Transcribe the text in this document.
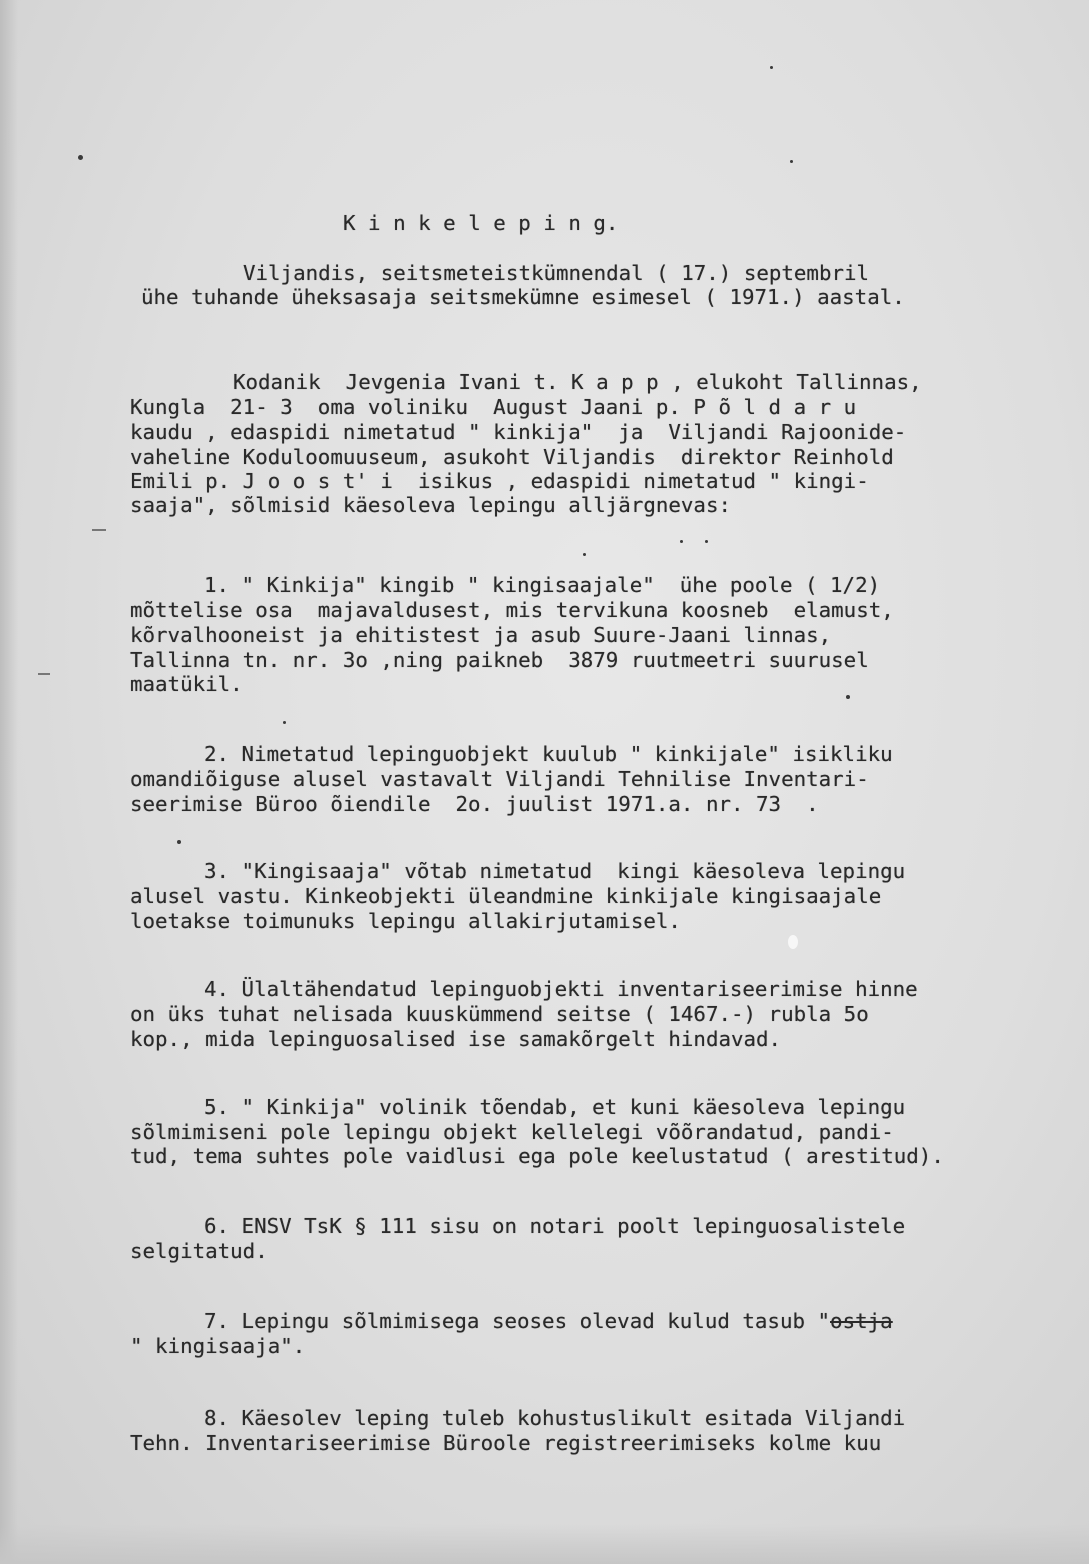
K i n k e l e p i n g.
Viljandis, seitsmeteistkümnendal ( 17.) septembril
ühe tuhande üheksasaja seitsmekümne esimesel ( 1971.) aastal.
Kodanik  Jevgenia Ivani t. K a p p , elukoht Tallinnas,
Kungla  21- 3  oma voliniku  August Jaani p. P õ l d a r u
kaudu , edaspidi nimetatud " kinkija"  ja  Viljandi Rajoonide-
vaheline Koduloomuuseum, asukoht Viljandis  direktor Reinhold
Emili p. J o o s t' i  isikus , edaspidi nimetatud " kingi-
saaja", sõlmisid käesoleva lepingu alljärgnevas:
1. " Kinkija" kingib " kingisaajale"  ühe poole ( 1/2)
mõttelise osa  majavaldusest, mis tervikuna koosneb  elamust,
kõrvalhooneist ja ehitistest ja asub Suure-Jaani linnas,
Tallinna tn. nr. 3o ,ning paikneb  3879 ruutmeetri suurusel
maatükil.
2. Nimetatud lepinguobjekt kuulub " kinkijale" isikliku
omandiõiguse alusel vastavalt Viljandi Tehnilise Inventari-
seerimise Büroo õiendile  2o. juulist 1971.a. nr. 73  .
3. "Kingisaaja" võtab nimetatud  kingi käesoleva lepingu
alusel vastu. Kinkeobjekti üleandmine kinkijale kingisaajale
loetakse toimunuks lepingu allakirjutamisel.
4. Ülaltähendatud lepinguobjekti inventariseerimise hinne
on üks tuhat nelisada kuuskümmend seitse ( 1467.-) rubla 5o
kop., mida lepinguosalised ise samakõrgelt hindavad.
5. " Kinkija" volinik tõendab, et kuni käesoleva lepingu
sõlmimiseni pole lepingu objekt kellelegi võõrandatud, pandi-
tud, tema suhtes pole vaidlusi ega pole keelustatud ( arestitud).
6. ENSV TsK § 111 sisu on notari poolt lepinguosalistele
selgitatud.
7. Lepingu sõlmimisega seoses olevad kulud tasub "ostja
" kingisaaja".
8. Käesolev leping tuleb kohustuslikult esitada Viljandi
Tehn. Inventariseerimise Büroole registreerimiseks kolme kuu
